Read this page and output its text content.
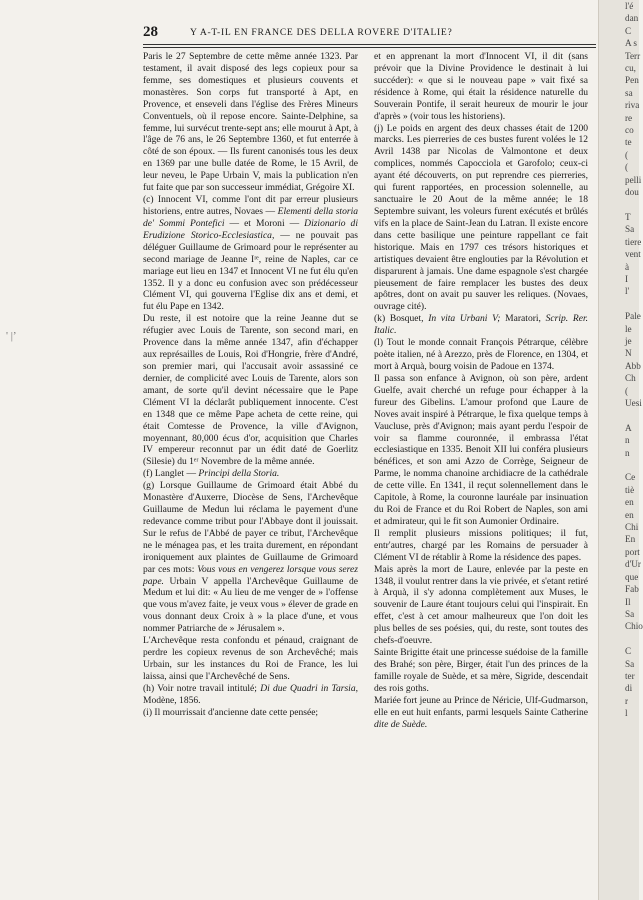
28	Y A-T-IL EN FRANCE DES DELLA ROVERE D'ITALIE?
' |’

Paris le 27 Septembre de cette même année 1323. Par testament, il avait disposé des legs copieux pour sa femme, ses domestiques et plusieurs couvents et monastères. Son corps fut transporté à Apt, en Provence, et enseveli dans l'église des Frères Mineurs Conventuels, où il repose encore. Sainte-Delphine, sa femme, lui survécut trente-sept ans; elle mourut à Apt, à l'âge de 76 ans, le 26 Septembre 1360, et fut enterrée à côté de son époux. — Ils furent canonisés tous les deux en 1369 par une bulle datée de Rome, le 15 Avril, de leur neveu, le Pape Urbain V, mais la publication n'en fut faite que par son successeur immédiat, Grégoire XI.

(c) Innocent VI, comme l'ont dit par erreur plusieurs historiens, entre autres, Novaes — Elementi della storia de' Sommi Pontefici — et Moroni — Dizionario di Erudizione Storico-Ecclesiastica, — ne pouvait pas déléguer Guillaume de Grimoard pour le représenter au second mariage de Jeanne Iʳᵉ, reine de Naples, car ce mariage eut lieu en 1347 et Innocent VI ne fut élu qu'en 1352. Il y a donc eu confusion avec son prédécesseur Clément VI, qui gouverna l'Eglise dix ans et demi, et fut élu Pape en 1342.

Du reste, il est notoire que la reine Jeanne dut se réfugier avec Louis de Tarente, son second mari, en Provence dans la même année 1347, afin d'échapper aux représailles de Louis, Roi d'Hongrie, frère d'André, son premier mari, qui l'accusait avoir assassiné ce dernier, de complicité avec Louis de Tarente, alors son amant, de sorte qu'il devint nécessaire que le Pape Clément VI la déclarât publiquement innocente. C'est en 1348 que ce même Pape acheta de cette reine, qui était Comtesse de Provence, la ville d'Avignon, moyennant, 80,000 écus d'or, acquisition que Charles IV empereur reconnut par un édit daté de Goerlitz (Silesie) du 1ᵉʳ Novembre de la même année.

(f) Langlet — Principi della Storia.

(g) Lorsque Guillaume de Grimoard était Abbé du Monastère d'Auxerre, Diocèse de Sens, l'Archevêque Guillaume de Medun lui réclama le payement d'une redevance comme tribut pour l'Abbaye dont il jouissait. Sur le refus de l'Abbé de payer ce tribut, l'Archevêque ne le ménagea pas, et les traita durement, en répondant ironiquement aux plaintes de Guillaume de Grimoard par ces mots: Vous vous en vengerez lorsque vous serez pape. Urbain V appella l'Archevêque Guillaume de Medum et lui dit: « Au lieu de me venger de » l'offense que vous m'avez faite, je veux vous » élever de grade en vous donnant deux Croix à » la place d'une, et vous nommer Patriarche de » Jérusalem ».

L'Archevêque resta confondu et pénaud, craignant de perdre les copieux revenus de son Archevêché; mais Urbain, sur les instances du Roi de France, les lui laissa, ainsi que l'Archevêché de Sens.

(h) Voir notre travail intitulé; Di due Quadri in Tarsia, Modène, 1856.

(i) Il mourrissait d'ancienne date cette pensée;

et en apprenant la mort d'Innocent VI, il dit (sans prévoir que la Divine Providence le destinait à lui succéder): « que si le nouveau pape » vait fixé sa résidence à Rome, qui était la résidence naturelle du Souverain Pontife, il serait heureux de mourir le jour d'après » (voir tous les historiens).

(j) Le poids en argent des deux chasses était de 1200 marcks. Les pierreries de ces bustes furent volées le 12 Avril 1438 par Nicolas de Valmontone et deux complices, nommés Capocciola et Garofolo; ceux-ci ayant été découverts, on put reprendre ces pierreries, qui furent rapportées, en procession solennelle, au sanctuaire le 20 Aout de la même année; le 18 Septembre suivant, les voleurs furent exécutés et brûlés vifs en la place de Saint-Jean du Latran. Il existe encore dans cette basilique une peinture rappellant ce fait historique. Mais en 1797 ces trésors historiques et artistiques devaient être englouties par la Révolution et disparurent à jamais. Une dame espagnole s'est chargée pieusement de faire remplacer les bustes des deux apôtres, dont on avait pu sauver les reliques. (Novaes, ouvrage cité).

(k) Bosquet, In vita Urbani V; Maratori, Scrip. Rer. Italic.

(l) Tout le monde connait François Pétrarque, célèbre poète italien, né à Arezzo, près de Florence, en 1304, et mort à Arquà, bourg voisin de Padoue en 1374.

Il passa son enfance à Avignon, où son père, ardent Guelfe, avait cherché un refuge pour échapper à la fureur des Gibelins. L'amour profond que Laure de Noves avait inspiré à Pétrarque, le fixa quelque temps à Vaucluse, près d'Avignon; mais ayant perdu l'espoir de voir sa flamme couronnée, il embrassa l'état ecclesiastique en 1335. Benoit XII lui conféra plusieurs bénéfices, et son ami Azzo de Corrège, Seigneur de Parme, le nomma chanoine archidiacre de la cathédrale de cette ville. En 1341, il reçut solennellement dans le Capitole, à Rome, la couronne lauréale par insinuation du Roi de France et du Roi Robert de Naples, son ami et admirateur, qui le fit son Aumonier Ordinaire.

Il remplit plusieurs missions politiques; il fut, entr'autres, chargé par les Romains de persuader à Clément VI de rétablir à Rome la résidence des papes.

Mais après la mort de Laure, enlevée par la peste en 1348, il voulut rentrer dans la vie privée, et s'etant retiré à Arquà, il s'y adonna complètement aux Muses, le souvenir de Laure étant toujours celui qui l'inspirait. En effet, c'est à cet amour malheureux que l'on doit les plus belles de ses poésies, qui, du reste, sont toutes des chefs-d'oeuvre.

Sainte Brigitte était une princesse suédoise de la famille des Brahé; son père, Birger, était l'un des princes de la famille royale de Suède, et sa mère, Sigride, descendait des rois goths.

Mariée fort jeune au Prince de Néricie, Ulf-Gudmarson, elle en eut huit enfants, parmi lesquels Sainte Catherine dite de Suède.

l'é
dan
C
A s
Terr
cu,
Pen
sa
riva
re
co
te
(
(
pelli
dou

T
Sa
tiere
vent
à
I
l'

Pale
le
je
N
Abb
Ch
(
Uesi

A
n
n

Ce
tiè
en
en
Chi
En
port
d'Ur
que
Fab
Il
Sa
Chio

C
Sa
ter
di
r
l
